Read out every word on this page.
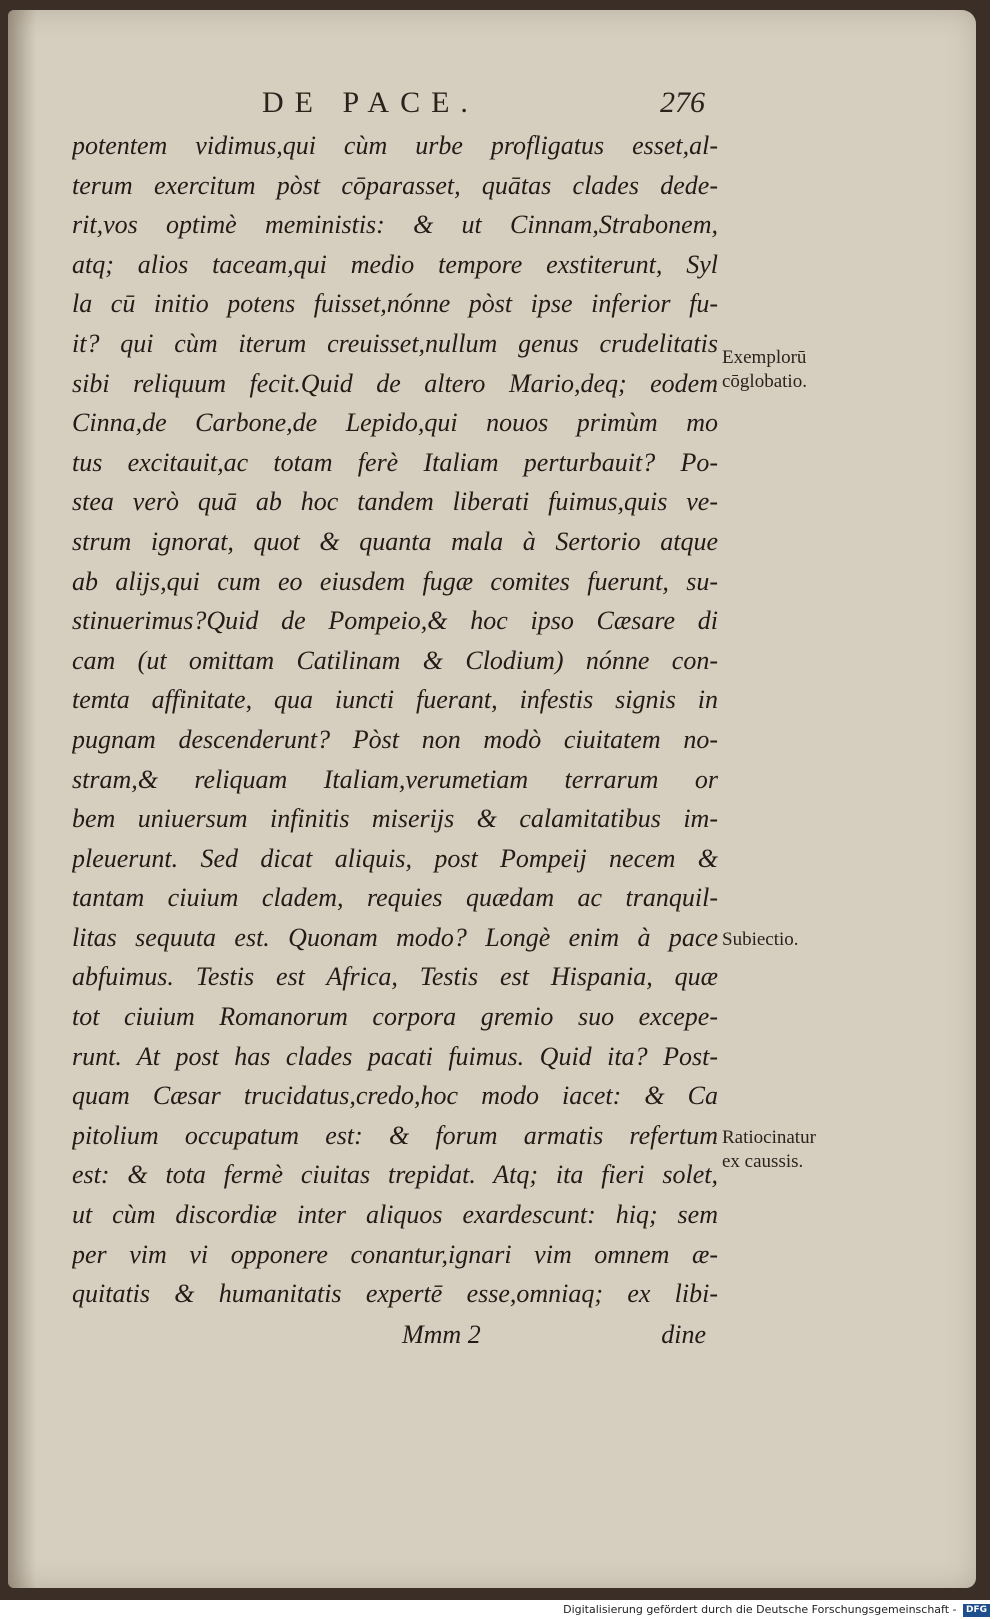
DE PACE.	276
potentem vidimus,qui cùm urbe profligatus esset,al-
terum exercitum pòst cōparasset, quātas clades dede-
rit,vos optimè meministis: & ut Cinnam,Strabonem,
atq; alios taceam,qui medio tempore exstiterunt, Syl
la cū initio potens fuisset,nónne pòst ipse inferior fu-
it? qui cùm iterum creuisset,nullum genus crudelitatis
sibi reliquum fecit.Quid de altero Mario,deq; eodem
Cinna,de Carbone,de Lepido,qui nouos primùm mo
tus excitauit,ac totam ferè Italiam perturbauit? Po-
stea verò quā ab hoc tandem liberati fuimus,quis ve-
strum ignorat, quot & quanta mala à Sertorio atque
ab alijs,qui cum eo eiusdem fugæ comites fuerunt, su-
stinuerimus?Quid de Pompeio,& hoc ipso Cæsare di
cam (ut omittam Catilinam & Clodium) nónne con-
temta affinitate, qua iuncti fuerant, infestis signis in
pugnam descenderunt? Pòst non modò ciuitatem no-
stram,& reliquam Italiam,verumetiam terrarum or
bem uniuersum infinitis miserijs & calamitatibus im-
pleuerunt. Sed dicat aliquis, post Pompeij necem &
tantam ciuium cladem, requies quædam ac tranquil-
litas sequuta est. Quonam modo? Longè enim à pace
abfuimus. Testis est Africa, Testis est Hispania, quæ
tot ciuium Romanorum corpora gremio suo excepe-
runt. At post has clades pacati fuimus. Quid ita? Post-
quam Cæsar trucidatus,credo,hoc modo iacet: & Ca
pitolium occupatum est: & forum armatis refertum
est: & tota fermè ciuitas trepidat. Atq; ita fieri solet,
ut cùm discordiæ inter aliquos exardescunt: hiq; sem
per vim vi opponere conantur,ignari vim omnem æ-
quitatis & humanitatis expertē esse,omniaq; ex libi-
Mmm 2	dine
Exemplorū
cōglobatio.
Subiectio.
Ratiocinatur
ex caussis.
Digitalisierung gefördert durch die Deutsche Forschungsgemeinschaft - DFG
